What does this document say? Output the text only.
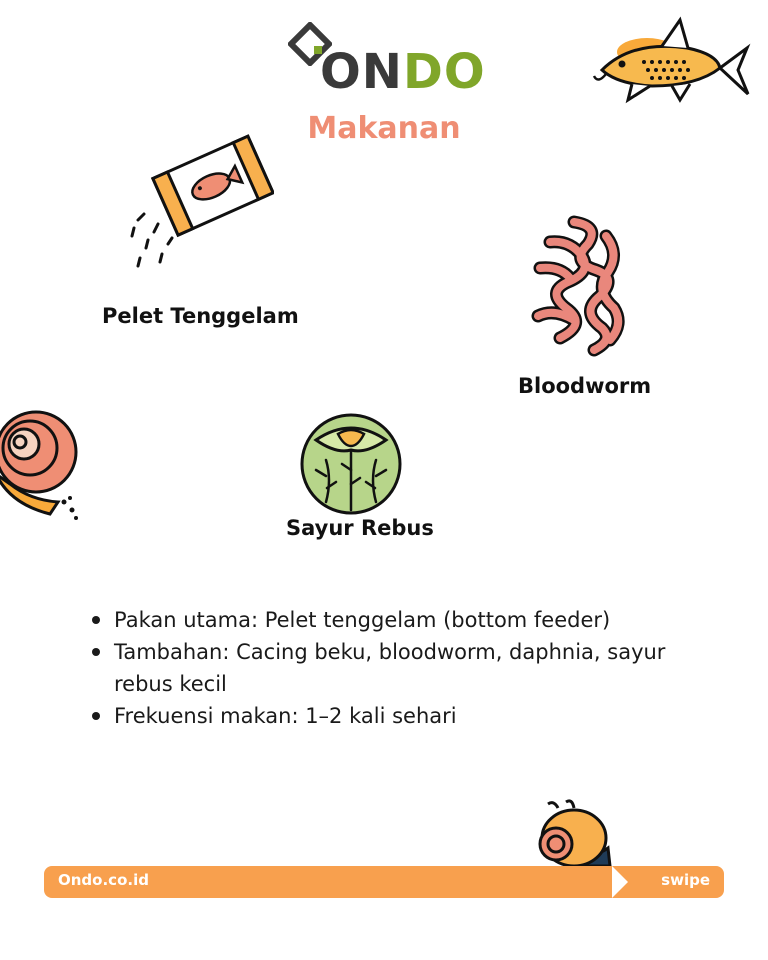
ONDO
Makanan
Pelet Tenggelam
Bloodworm
Sayur Rebus
Pakan utama: Pelet tenggelam (bottom feeder)
Tambahan: Cacing beku, bloodworm, daphnia, sayur rebus kecil
Frekuensi makan: 1–2 kali sehari
Ondo.co.id	swipe
